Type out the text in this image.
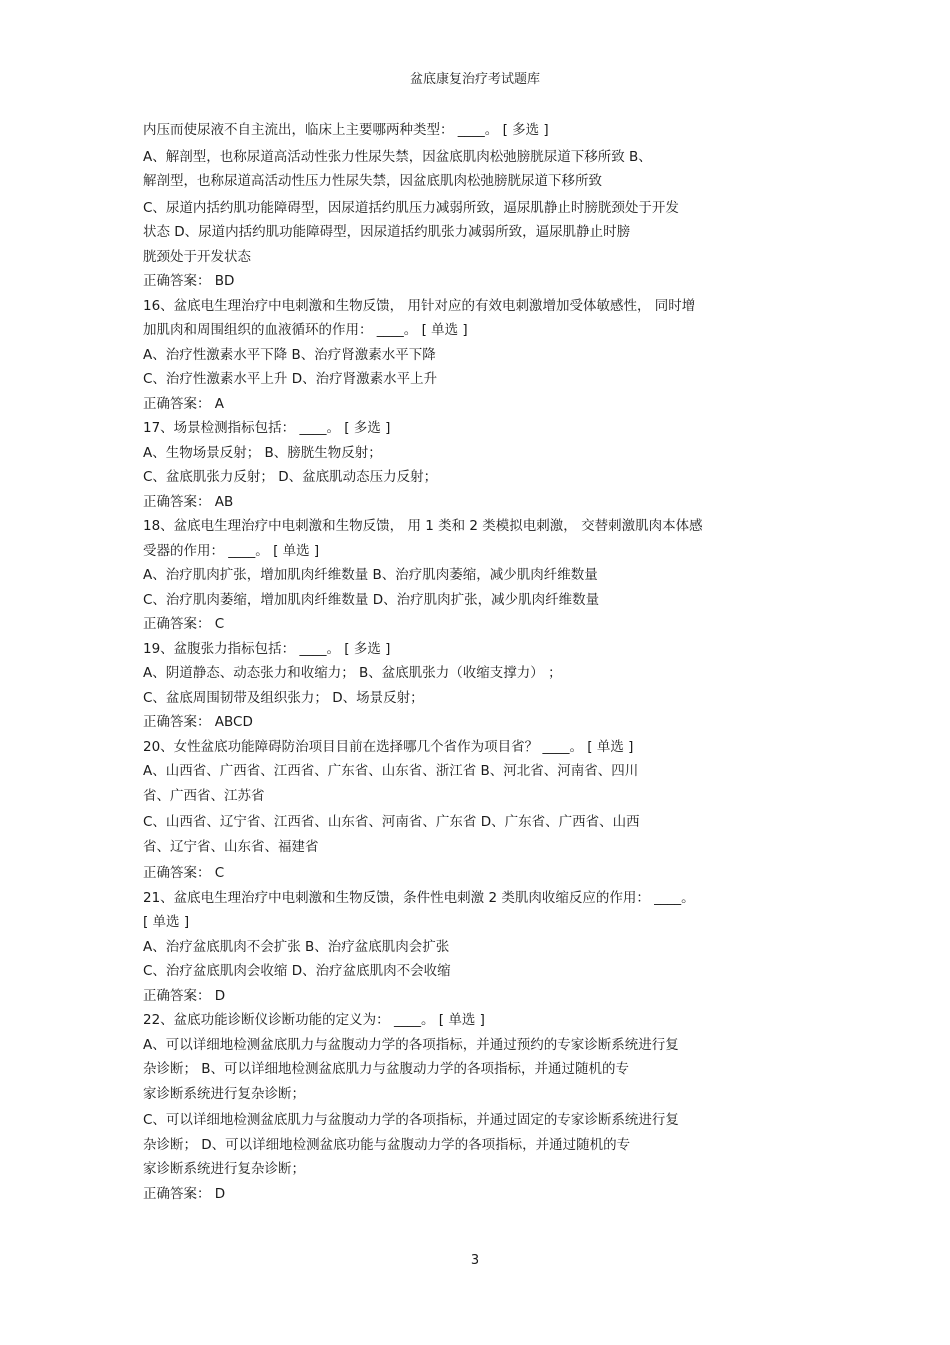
盆底康复治疗考试题库
内压而使尿液不自主流出，临床上主要哪两种类型： ____。 [ 多选 ]
A、解剖型，也称尿道高活动性张力性尿失禁，因盆底肌肉松弛膀胱尿道下移所致 B、
解剖型，也称尿道高活动性压力性尿失禁，因盆底肌肉松弛膀胱尿道下移所致
C、尿道内括约肌功能障碍型，因尿道括约肌压力减弱所致，逼尿肌静止时膀胱颈处于开发
状态 D、尿道内括约肌功能障碍型，因尿道括约肌张力减弱所致，逼尿肌静止时膀
胱颈处于开发状态
正确答案： BD
16、盆底电生理治疗中电刺激和生物反馈， 用针对应的有效电刺激增加受体敏感性， 同时增
加肌肉和周围组织的血液循环的作用： ____。 [ 单选 ]
A、治疗性激素水平下降 B、治疗肾激素水平下降
C、治疗性激素水平上升 D、治疗肾激素水平上升
正确答案： A
17、场景检测指标包括： ____。 [ 多选 ]
A、生物场景反射； B、膀胱生物反射；
C、盆底肌张力反射； D、盆底肌动态压力反射；
正确答案： AB
18、盆底电生理治疗中电刺激和生物反馈， 用 1 类和 2 类模拟电刺激， 交替刺激肌肉本体感
受器的作用： ____。 [ 单选 ]
A、治疗肌肉扩张，增加肌肉纤维数量 B、治疗肌肉萎缩，减少肌肉纤维数量
C、治疗肌肉萎缩，增加肌肉纤维数量 D、治疗肌肉扩张，减少肌肉纤维数量
正确答案： C
19、盆腹张力指标包括： ____。 [ 多选 ]
A、阴道静态、动态张力和收缩力； B、盆底肌张力（收缩支撑力） ；
C、盆底周围韧带及组织张力； D、场景反射；
正确答案： ABCD
20、女性盆底功能障碍防治项目目前在选择哪几个省作为项目省？ ____。 [ 单选 ]
A、山西省、广西省、江西省、广东省、山东省、浙江省 B、河北省、河南省、四川
省、广西省、江苏省
C、山西省、辽宁省、江西省、山东省、河南省、广东省 D、广东省、广西省、山西
省、辽宁省、山东省、福建省
正确答案： C
21、盆底电生理治疗中电刺激和生物反馈，条件性电刺激 2 类肌肉收缩反应的作用： ____。
[ 单选 ]
A、治疗盆底肌肉不会扩张 B、治疗盆底肌肉会扩张
C、治疗盆底肌肉会收缩 D、治疗盆底肌肉不会收缩
正确答案： D
22、盆底功能诊断仪诊断功能的定义为： ____。 [ 单选 ]
A、可以详细地检测盆底肌力与盆腹动力学的各项指标，并通过预约的专家诊断系统进行复
杂诊断； B、可以详细地检测盆底肌力与盆腹动力学的各项指标，并通过随机的专
家诊断系统进行复杂诊断；
C、可以详细地检测盆底肌力与盆腹动力学的各项指标，并通过固定的专家诊断系统进行复
杂诊断； D、可以详细地检测盆底功能与盆腹动力学的各项指标，并通过随机的专
家诊断系统进行复杂诊断；
正确答案： D
3
